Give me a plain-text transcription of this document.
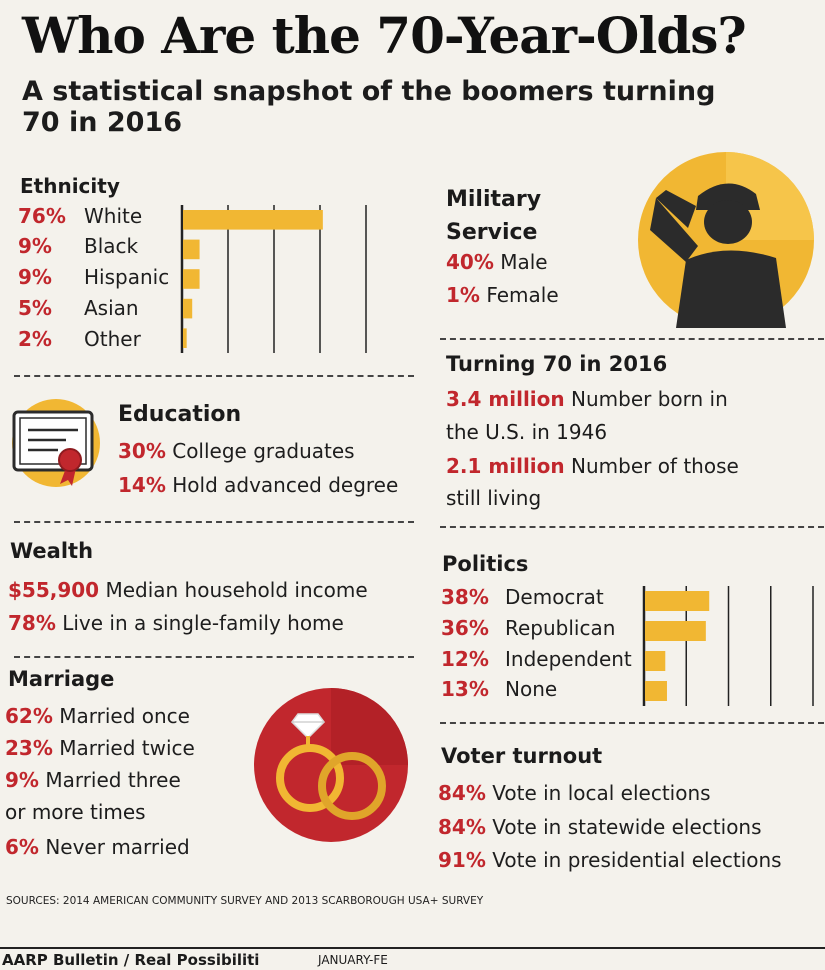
Who Are the 70-Year-Olds?
A statistical snapshot of the boomers turning 70 in 2016
Ethnicity
76% White
9% Black
9% Hispanic
5% Asian
2% Other
Military Service
40% Male
1% Female
Education
30% College graduates
14% Hold advanced degree
Turning 70 in 2016
3.4 million Number born in
the U.S. in 1946
2.1 million Number of those
still living
Wealth
$55,900 Median household income
78% Live in a single-family home
Politics
38% Democrat
36% Republican
12% Independent
13% None
Marriage
62% Married once
23% Married twice
9% Married three
or more times
6% Never married
Voter turnout
84% Vote in local elections
84% Vote in statewide elections
91% Vote in presidential elections
SOURCES: 2014 AMERICAN COMMUNITY SURVEY AND 2013 SCARBOROUGH USA+ SURVEY
AARP Bulletin / Real Possibiliti	JANUARY-FE
